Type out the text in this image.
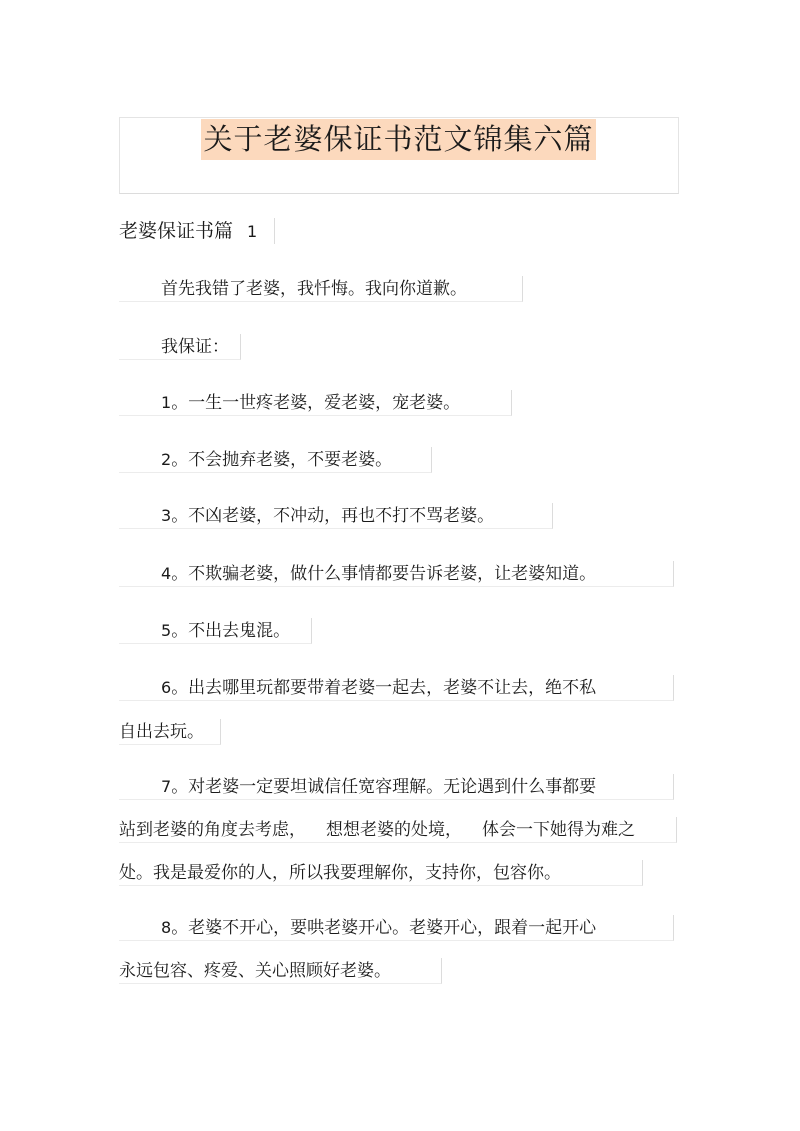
关于老婆保证书范文锦集六篇
老婆保证书篇 1
首先我错了老婆，我忏悔。我向你道歉。
我保证：
1。一生一世疼老婆，爱老婆，宠老婆。
2。不会抛弃老婆，不要老婆。
3。不凶老婆，不冲动，再也不打不骂老婆。
4。不欺骗老婆，做什么事情都要告诉老婆，让老婆知道。
5。不出去鬼混。
6。出去哪里玩都要带着老婆一起去，老婆不让去，绝不私
自出去玩。
7。对老婆一定要坦诚信任宽容理解。无论遇到什么事都要
站到老婆的角度去考虑， 想想老婆的处境， 体会一下她得为难之
处。我是最爱你的人，所以我要理解你，支持你，包容你。
8。老婆不开心，要哄老婆开心。老婆开心，跟着一起开心
永远包容、疼爱、关心照顾好老婆。
